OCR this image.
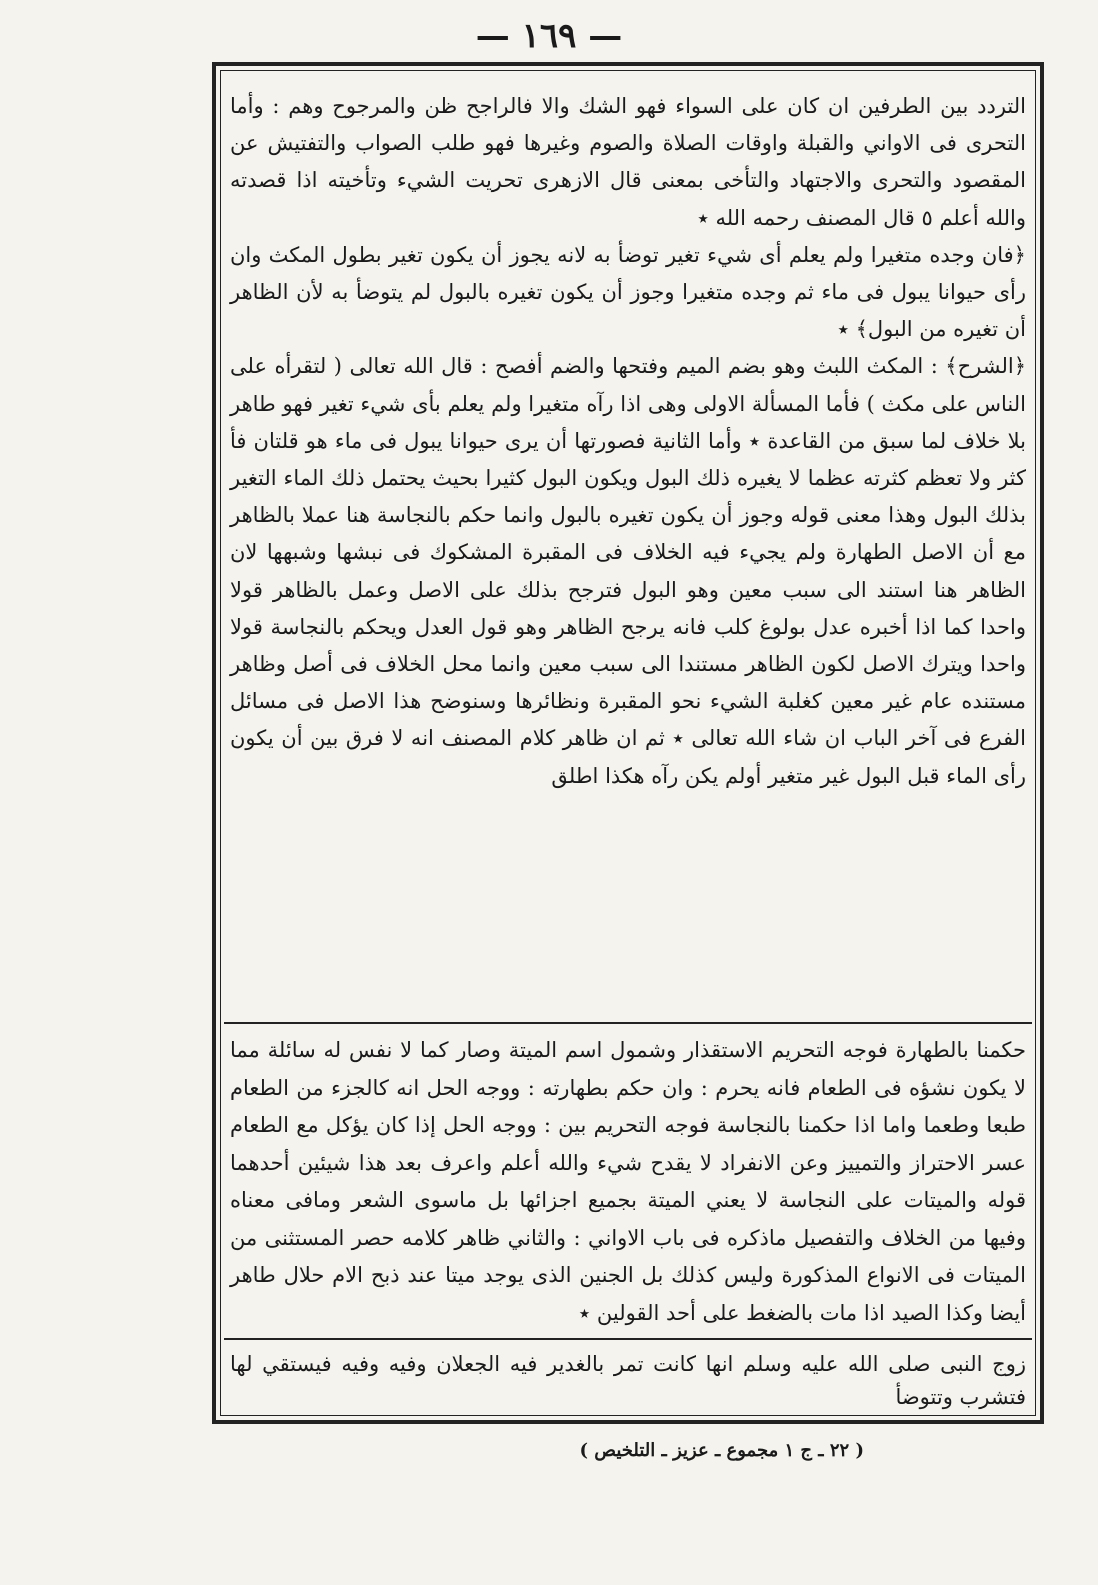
— ١٦٩ —

التردد بين الطرفين ان كان على السواء فهو الشك والا فالراجح ظن والمرجوح وهم : وأما التحرى فى الاواني والقبلة واوقات الصلاة والصوم وغيرها فهو طلب الصواب والتفتيش عن المقصود والتحرى والاجتهاد والتأخى بمعنى قال الازهرى تحريت الشيء وتأخيته اذا قصدته والله أعلم ٥ قال المصنف رحمه الله ٭

﴿فان وجده متغيرا ولم يعلم أى شيء تغير توضأ به لانه يجوز أن يكون تغير بطول المكث وان رأى حيوانا يبول فى ماء ثم وجده متغيرا وجوز أن يكون تغيره بالبول لم يتوضأ به لأن الظاهر أن تغيره من البول﴾ ٭

﴿الشرح﴾ : المكث اللبث وهو بضم الميم وفتحها والضم أفصح : قال الله تعالى ( لتقرأه على الناس على مكث ) فأما المسألة الاولى وهى اذا رآه متغيرا ولم يعلم بأى شيء تغير فهو طاهر بلا خلاف لما سبق من القاعدة ٭ وأما الثانية فصورتها أن يرى حيوانا يبول فى ماء هو قلتان فأ كثر ولا تعظم كثرته عظما لا يغيره ذلك البول ويكون البول كثيرا بحيث يحتمل ذلك الماء التغير بذلك البول وهذا معنى قوله وجوز أن يكون تغيره بالبول وانما حكم بالنجاسة هنا عملا بالظاهر مع أن الاصل الطهارة ولم يجيء فيه الخلاف فى المقبرة المشكوك فى نبشها وشبهها لان الظاهر هنا استند الى سبب معين وهو البول فترجح بذلك على الاصل وعمل بالظاهر قولا واحدا كما اذا أخبره عدل بولوغ كلب فانه يرجح الظاهر وهو قول العدل ويحكم بالنجاسة قولا واحدا ويترك الاصل لكون الظاهر مستندا الى سبب معين وانما محل الخلاف فى أصل وظاهر مستنده عام غير معين كغلبة الشيء نحو المقبرة ونظائرها وسنوضح هذا الاصل فى مسائل الفرع فى آخر الباب ان شاء الله تعالى ٭ ثم ان ظاهر كلام المصنف انه لا فرق بين أن يكون رأى الماء قبل البول غير متغير أولم يكن رآه هكذا اطلق

حكمنا بالطهارة فوجه التحريم الاستقذار وشمول اسم الميتة وصار كما لا نفس له سائلة مما لا يكون نشؤه فى الطعام فانه يحرم : وان حكم بطهارته : ووجه الحل انه كالجزء من الطعام طبعا وطعما واما اذا حكمنا بالنجاسة فوجه التحريم بين : ووجه الحل إذا كان يؤكل مع الطعام عسر الاحتراز والتمييز وعن الانفراد لا يقدح شيء والله أعلم واعرف بعد هذا شيئين أحدهما قوله والميتات على النجاسة لا يعني الميتة بجميع اجزائها بل ماسوى الشعر ومافى معناه وفيها من الخلاف والتفصيل ماذكره فى باب الاواني : والثاني ظاهر كلامه حصر المستثنى من الميتات فى الانواع المذكورة وليس كذلك بل الجنين الذى يوجد ميتا عند ذبح الام حلال طاهر أيضا وكذا الصيد اذا مات بالضغط على أحد القولين ٭

زوج النبى صلى الله عليه وسلم انها كانت تمر بالغدير فيه الجعلان وفيه وفيه فيستقي لها فتشرب وتتوضأ

( ٢٢ ـ ج ١ مجموع ـ عزيز ـ التلخيص )
